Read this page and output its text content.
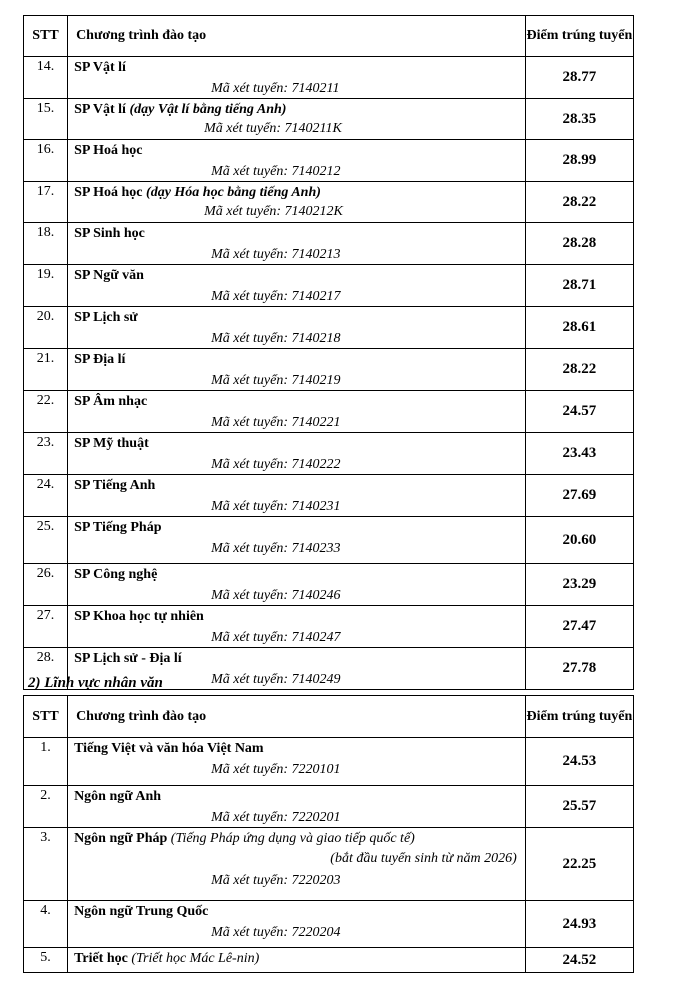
STT	Chương trình đào tạo	Điểm trúng tuyển
14.	SP Vật lí
Mã xét tuyển: 7140211	28.77
15.	SP Vật lí (dạy Vật lí bằng tiếng Anh)
Mã xét tuyển: 7140211K	28.35
16.	SP Hoá học
Mã xét tuyển: 7140212	28.99
17.	SP Hoá học (dạy Hóa học bằng tiếng Anh)
Mã xét tuyển: 7140212K	28.22
18.	SP Sinh học
Mã xét tuyển: 7140213	28.28
19.	SP Ngữ văn
Mã xét tuyển: 7140217	28.71
20.	SP Lịch sử
Mã xét tuyển: 7140218	28.61
21.	SP Địa lí
Mã xét tuyển: 7140219	28.22
22.	SP Âm nhạc
Mã xét tuyển: 7140221	24.57
23.	SP Mỹ thuật
Mã xét tuyển: 7140222	23.43
24.	SP Tiếng Anh
Mã xét tuyển: 7140231	27.69
25.	SP Tiếng Pháp
Mã xét tuyển: 7140233	20.60
26.	SP Công nghệ
Mã xét tuyển: 7140246	23.29
27.	SP Khoa học tự nhiên
Mã xét tuyển: 7140247	27.47
28.	SP Lịch sử - Địa lí
Mã xét tuyển: 7140249	27.78
2) Lĩnh vực nhân văn
STT	Chương trình đào tạo	Điểm trúng tuyển
1.	Tiếng Việt và văn hóa Việt Nam
Mã xét tuyển: 7220101	24.53
2.	Ngôn ngữ Anh
Mã xét tuyển: 7220201	25.57
3.	Ngôn ngữ Pháp (Tiếng Pháp ứng dụng và giao tiếp quốc tế)
(bắt đầu tuyển sinh từ năm 2026)
Mã xét tuyển: 7220203	22.25
4.	Ngôn ngữ Trung Quốc
Mã xét tuyển: 7220204	24.93
5.	Triết học (Triết học Mác Lê-nin)	24.52
